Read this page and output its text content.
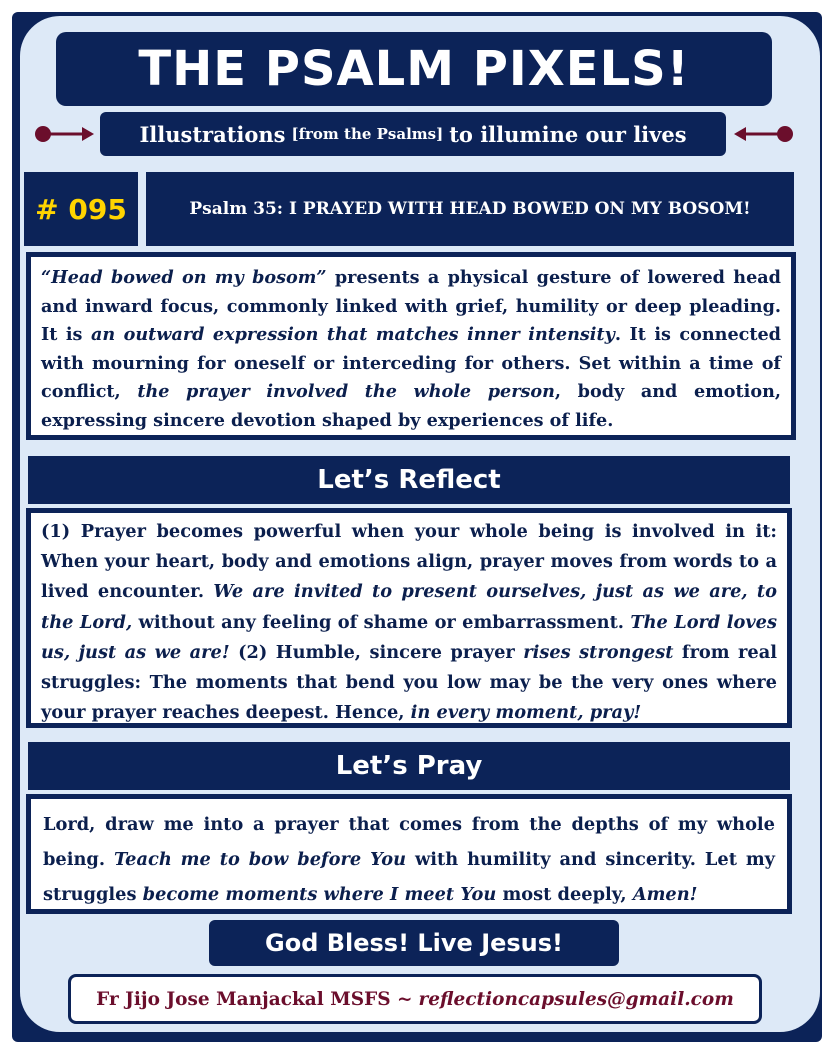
THE PSALM PIXELS!
Illustrations [from the Psalms] to illumine our lives
# 095	Psalm 35: I PRAYED WITH HEAD BOWED ON MY BOSOM!
“Head bowed on my bosom” presents a physical gesture of lowered head and inward focus, commonly linked with grief, humility or deep pleading. It is an outward expression that matches inner intensity. It is connected with mourning for oneself or interceding for others. Set within a time of conflict, the prayer involved the whole person, body and emotion, expressing sincere devotion shaped by experiences of life.
Let’s Reflect
(1) Prayer becomes powerful when your whole being is involved in it: When your heart, body and emotions align, prayer moves from words to a lived encounter. We are invited to present ourselves, just as we are, to the Lord, without any feeling of shame or embarrassment. The Lord loves us, just as we are! (2) Humble, sincere prayer rises strongest from real struggles: The moments that bend you low may be the very ones where your prayer reaches deepest. Hence, in every moment, pray!
Let’s Pray
Lord, draw me into a prayer that comes from the depths of my whole being. Teach me to bow before You with humility and sincerity. Let my struggles become moments where I meet You most deeply, Amen!
God Bless! Live Jesus!
Fr Jijo Jose Manjackal MSFS ~ reflectioncapsules@gmail.com
